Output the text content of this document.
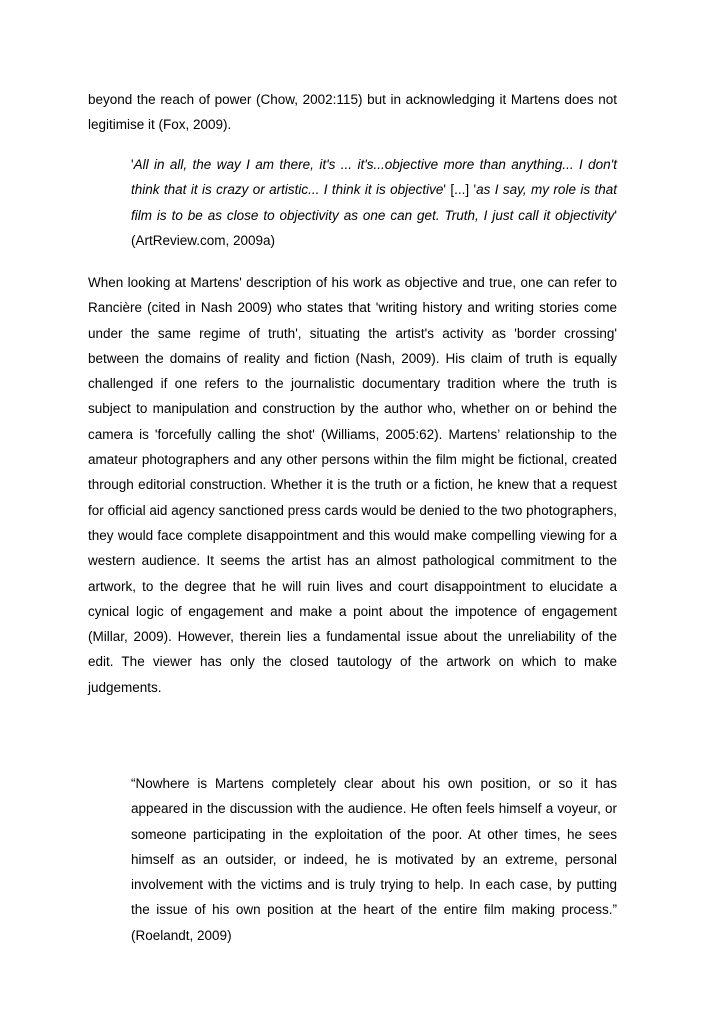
beyond the reach of power (Chow, 2002:115) but in acknowledging it Martens does not legitimise it (Fox, 2009).

'All in all, the way I am there, it's ... it's...objective more than anything... I don't think that it is crazy or artistic... I think it is objective' [...] 'as I say, my role is that film is to be as close to objectivity as one can get. Truth, I just call it objectivity' (ArtReview.com, 2009a)

When looking at Martens' description of his work as objective and true, one can refer to Rancière (cited in Nash 2009) who states that 'writing history and writing stories come under the same regime of truth', situating the artist's activity as 'border crossing' between the domains of reality and fiction (Nash, 2009). His claim of truth is equally challenged if one refers to the journalistic documentary tradition where the truth is subject to manipulation and construction by the author who, whether on or behind the camera is 'forcefully calling the shot' (Williams, 2005:62). Martens’ relationship to the amateur photographers and any other persons within the film might be fictional, created through editorial construction. Whether it is the truth or a fiction, he knew that a request for official aid agency sanctioned press cards would be denied to the two photographers, they would face complete disappointment and this would make compelling viewing for a western audience. It seems the artist has an almost pathological commitment to the artwork, to the degree that he will ruin lives and court disappointment to elucidate a cynical logic of engagement and make a point about the impotence of engagement (Millar, 2009). However, therein lies a fundamental issue about the unreliability of the edit. The viewer has only the closed tautology of the artwork on which to make judgements.

“Nowhere is Martens completely clear about his own position, or so it has appeared in the discussion with the audience. He often feels himself a voyeur, or someone participating in the exploitation of the poor. At other times, he sees himself as an outsider, or indeed, he is motivated by an extreme, personal involvement with the victims and is truly trying to help. In each case, by putting the issue of his own position at the heart of the entire film making process.” (Roelandt, 2009)
